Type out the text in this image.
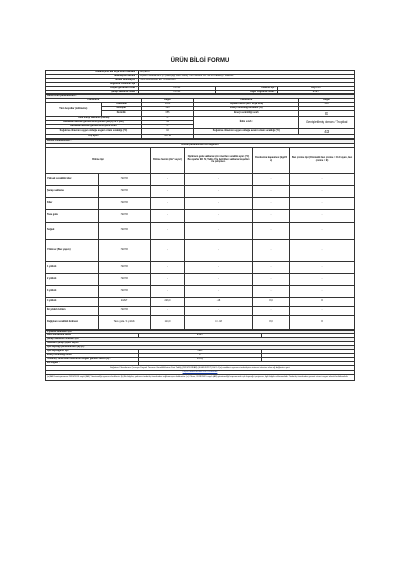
ÜRÜN BİLGİ FORMU
Tedarikçinin adı veya ticari markası :	ARÇELİK		
Tedarikçinin adresi :	Arçelik Pazarlama A.Ş. Çalkoçağı Mah. Alibey Yolu Sütlüce Cd. No:19 Kadıköy / İstanbul		
Model tanımlayıcı :	7081 Multifresher EX T.F9N2011X		
Soğutma cihazının tipi :			
Düşük gürültülü cihaz :	HAYIR	Tasarım tipi :	Bağımsız
Şarap saklama cihazı :	HAYIR	Diğer soğutma cihazı :	EVET
Genel ürün parametreleri :				
Parametre		Değer	Parametre	Değer
Tüm boyutlar (milimetre)	Yükseklik	1850	Toplam hacim (dm³ veya litre)	240
	Genişlik	595	Enerji verimliliği endeksi (%)	
	Derinlik	655	Enerji verimliliği sınıfı	E
Yıllık enerji tüketimi (kWh/a)		C	İklim sınıfı :	Genişletilmiş ılıman / Tropikal
Havadaki akustik gürültü emisyonları [dB(A) re 1 pW]		39		
Havadaki akustik gürültü emisyonu sınıfı		C		
Soğutma cihazının uygun olduğu asgari ortam sıcaklığı (°C)		10	Soğutma cihazının uygun olduğu azami ortam sıcaklığı (°C)	43
Kış ayarı		HAYIR		
Bölme Parametreleri :					
Bölme parametreleri ve değerleri					
Bölme tipi		Bölme hacmi (dm³ veya l)	Optimum gıda saklama için önerilen sıcaklık ayarı (°C) Bu ayarlar EK IV, Tablo 3'te belirtilen saklama koşulları ile çelişmez.	Dondurma kapasitesi (kg/24 s)	Buz çözme tipi (Otomatik buz çözme = O-O ayarı, buz çözme = E)
Yüksek sıcaklıklı kiler	HAYIR	-	-	-	-
Şarap saklama	HAYIR	-	-	-	-
Kiler	HAYIR	-	-	-	-
Taze gıda	HAYIR	-	-	-	-
Soğuk	HAYIR	-	-	-	-
Yıldızsız (Buz yapıcı)	HAYIR	-	-	-	-
1 yıldızlı	HAYIR	-	-	-	-
2 yıldızlı	HAYIR	-	-	-	-
3 yıldızlı	HAYIR	-	-	-	-
4 yıldızlı	EVET	226,0	-18	8,0	O
İki yıldızlı bölüm	HAYIR	-	-	-	-
Değişken sıcaklıklı bölmesi	Taze gıda / 4 yıldızlı	114,0	4 / -18	8,0	O
4 yıldızlı bölmeler için		
Hızlı dondurma tesisi	EVET	
Şarap saklama cihazları için		
Standart şarap şişesi sayısı		
Işık kaynağı parametreleri (a) (b) :		
Işık kaynağının tipi	LED	
Enerji verimliliği sınıfı	F	
Tedarikçi tarafından belirlenen asgari garanti süresi (b) :	24 Ay	
Ek bilgiler :		
Soğutma Cihazlarının Çevreye Duyarlı Tasarım Gerekliliklerine Dair Tebliğ (2019/2019/AB) (SGM-2021/7) Ek II 4 (a) maddesi uyarınca tedarikçinin internet sitesine olan ağ bağlantısı yeri:		
https://www.arcelik.com.tr/destek		
(a) AB Komisyonunun 2019/2015 sayılı (AB) Yönetmeliği uyarınca belirlenir. (b) Bu bilgiler, yalnızca tedarikçi tarafından sağlanmışsa doldurulur. (c) Cihaz, 2019/2015 sayılı (AB) yönetmeliği kapsamında ışık kaynağı içeriyorsa, ilgili bilgiler eklenmelidir. Tedarikçi tarafından garanti süresi asgari olarak belirtilmelidir.		
